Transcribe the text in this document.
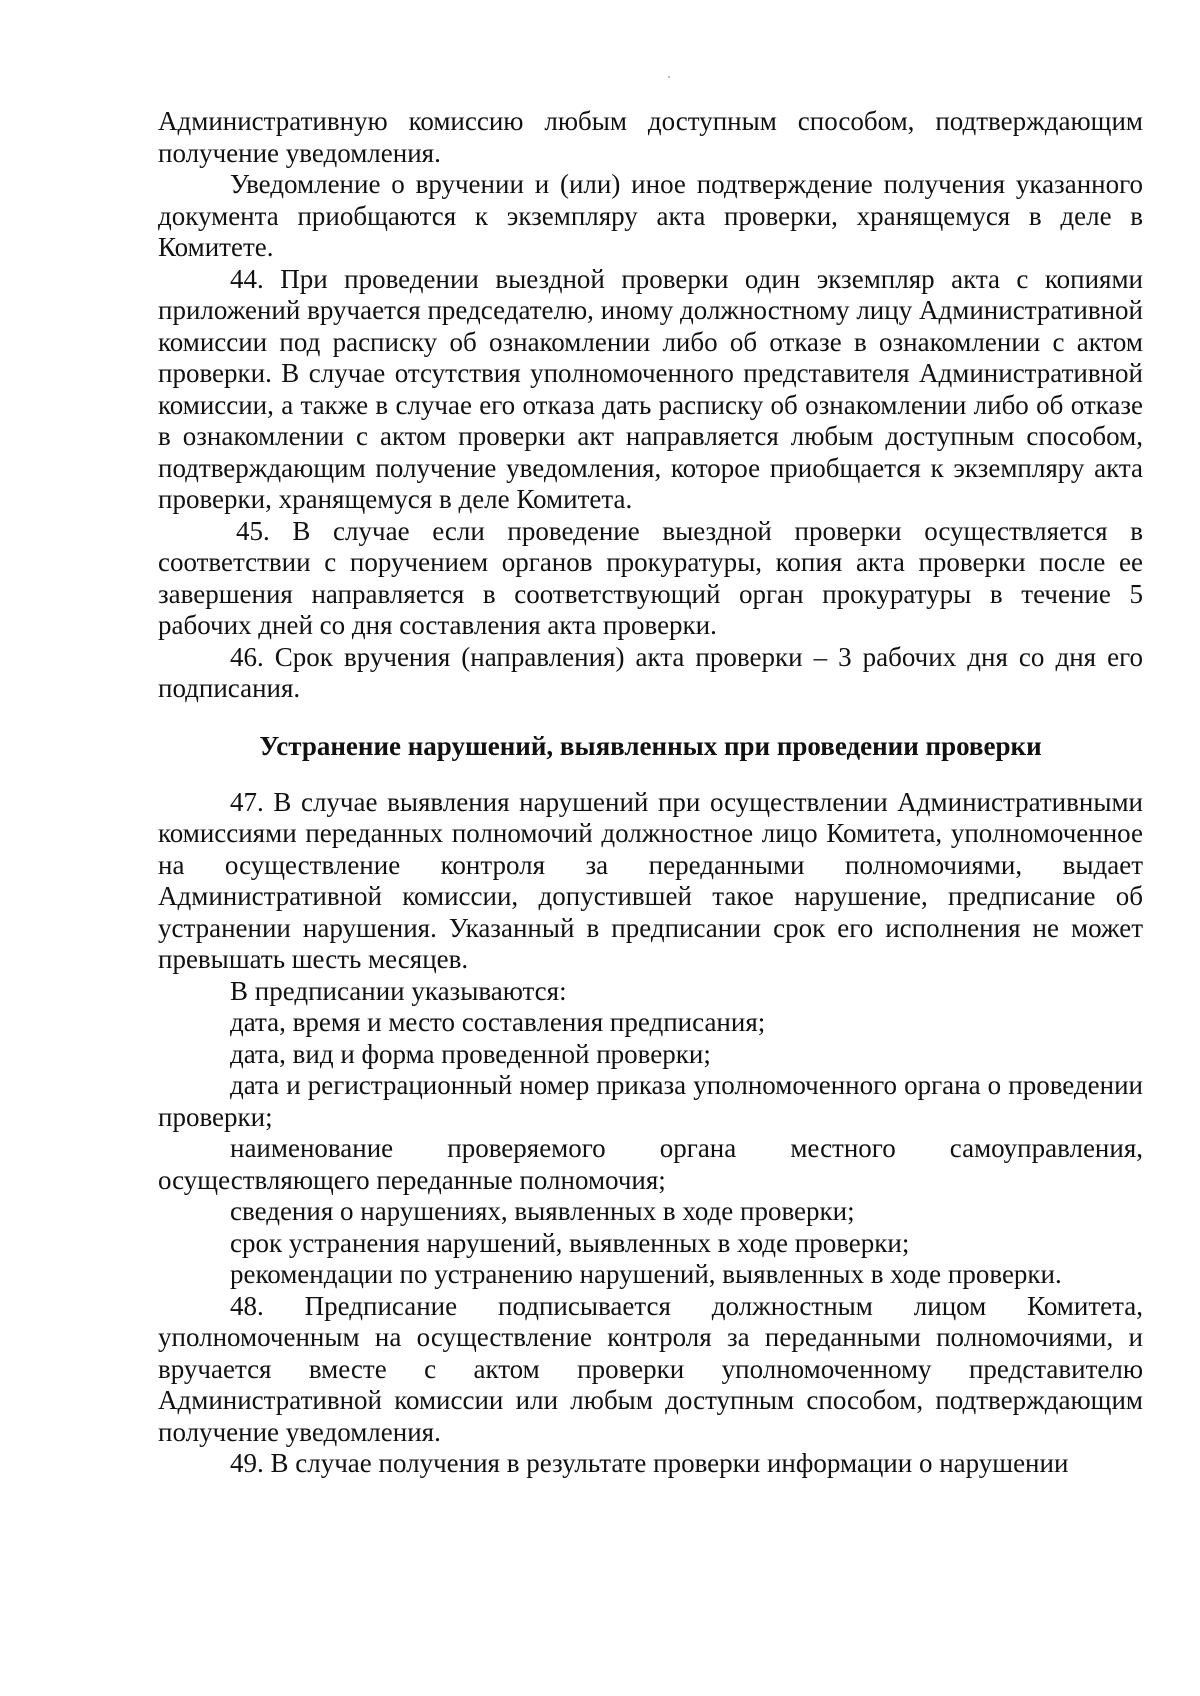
Административную комиссию любым доступным способом, подтверждающим получение уведомления.

Уведомление о вручении и (или) иное подтверждение получения указанного документа приобщаются к экземпляру акта проверки, хранящемуся в деле в Комитете.

44. При проведении выездной проверки один экземпляр акта с копиями приложений вручается председателю, иному должностному лицу Административной комиссии под расписку об ознакомлении либо об отказе в ознакомлении с актом проверки. В случае отсутствия уполномоченного представителя Административной комиссии, а также в случае его отказа дать расписку об ознакомлении либо об отказе в ознакомлении с актом проверки акт направляется любым доступным способом, подтверждающим получение уведомления, которое приобщается к экземпляру акта проверки, хранящемуся в деле Комитета.

45. В случае если проведение выездной проверки осуществляется в соответствии с поручением органов прокуратуры, копия акта проверки после ее завершения направляется в соответствующий орган прокуратуры в течение 5 рабочих дней со дня составления акта проверки.

46. Срок вручения (направления) акта проверки – 3 рабочих дня со дня его подписания.

Устранение нарушений, выявленных при проведении проверки

47. В случае выявления нарушений при осуществлении Административными комиссиями переданных полномочий должностное лицо Комитета, уполномоченное на осуществление контроля за переданными полномочиями, выдает Административной комиссии, допустившей такое нарушение, предписание об устранении нарушения. Указанный в предписании срок его исполнения не может превышать шесть месяцев.

В предписании указываются:

дата, время и место составления предписания;

дата, вид и форма проведенной проверки;

дата и регистрационный номер приказа уполномоченного органа о проведении проверки;

наименование проверяемого органа местного самоуправления, осуществляющего переданные полномочия;

сведения о нарушениях, выявленных в ходе проверки;

срок устранения нарушений, выявленных в ходе проверки;

рекомендации по устранению нарушений, выявленных в ходе проверки.

48. Предписание подписывается должностным лицом Комитета, уполномоченным на осуществление контроля за переданными полномочиями, и вручается вместе с актом проверки уполномоченному представителю Административной комиссии или любым доступным способом, подтверждающим получение уведомления.

49. В случае получения в результате проверки информации о нарушении
